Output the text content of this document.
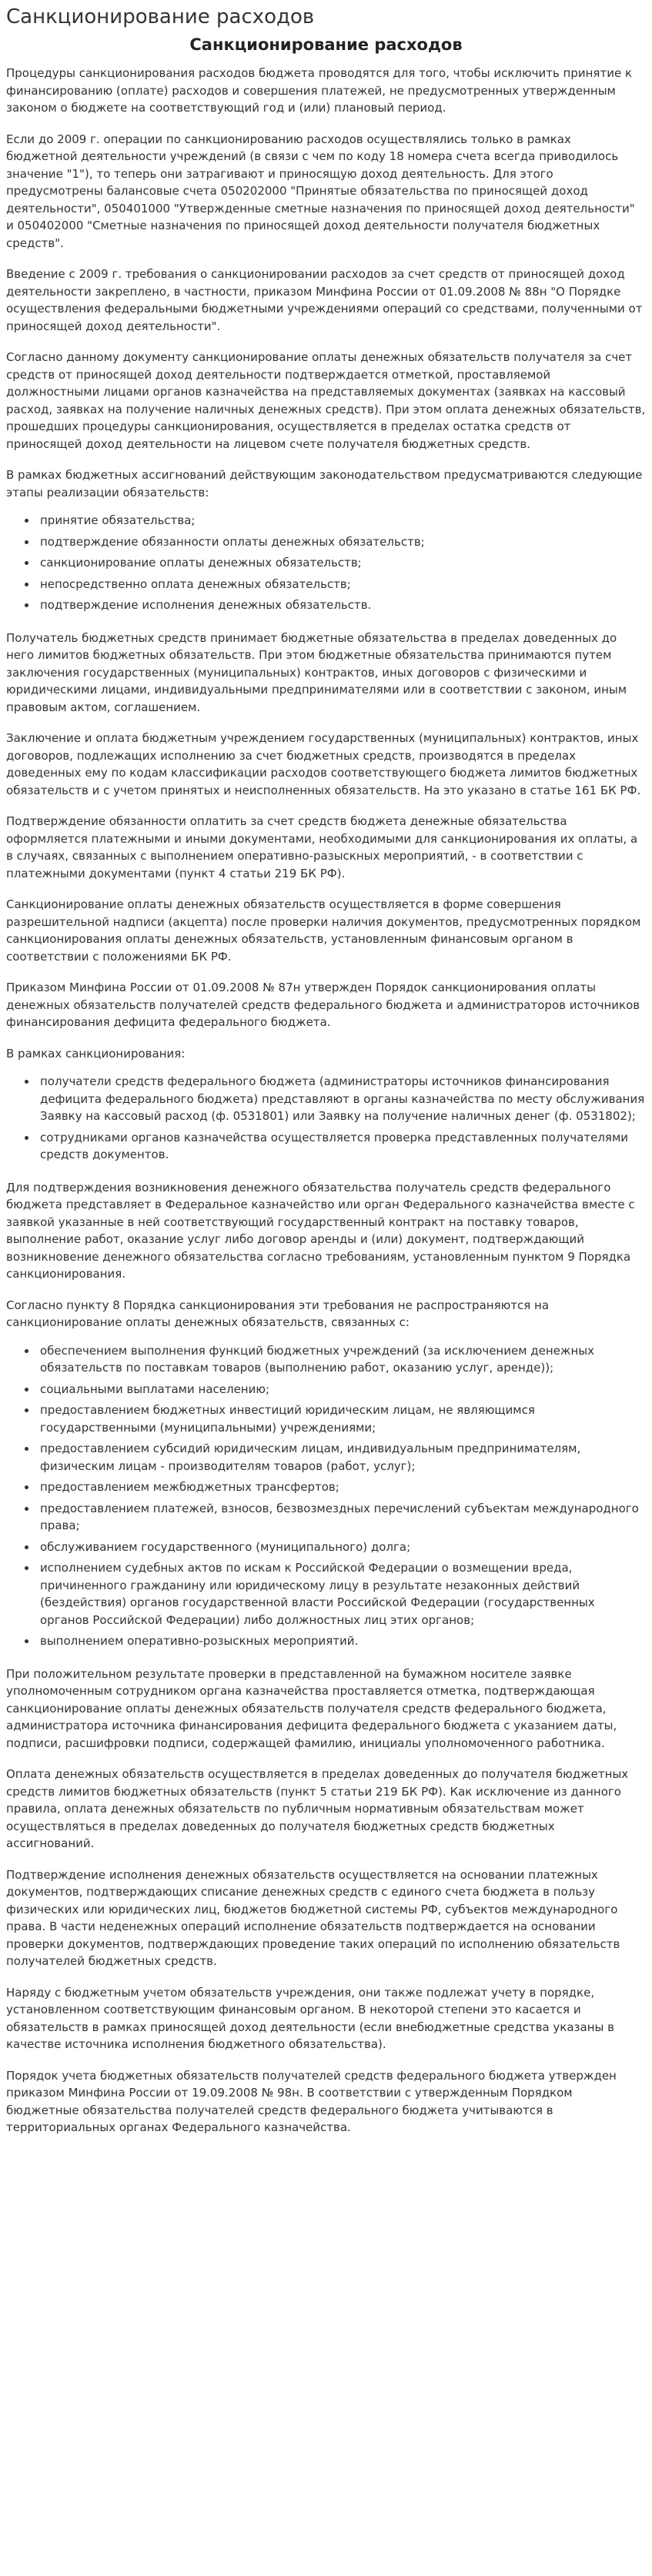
Санкционирование расходов
Санкционирование расходов

Процедуры санкционирования расходов бюджета проводятся для того, чтобы исключить принятие к финансированию (оплате) расходов и совершения платежей, не предусмотренных утвержденным законом о бюджете на соответствующий год и (или) плановый период.

Если до 2009 г. операции по санкционированию расходов осуществлялись только в рамках бюджетной деятельности учреждений (в связи с чем по коду 18 номера счета всегда приводилось значение "1"), то теперь они затрагивают и приносящую доход деятельность. Для этого предусмотрены балансовые счета 050202000 "Принятые обязательства по приносящей доход деятельности", 050401000 "Утвержденные сметные назначения по приносящей доход деятельности" и 050402000 "Сметные назначения по приносящей доход деятельности получателя бюджетных средств".

Введение с 2009 г. требования о санкционировании расходов за счет средств от приносящей доход деятельности закреплено, в частности, приказом Минфина России от 01.09.2008 № 88н "О Порядке осуществления федеральными бюджетными учреждениями операций со средствами, полученными от приносящей доход деятельности".

Согласно данному документу санкционирование оплаты денежных обязательств получателя за счет средств от приносящей доход деятельности подтверждается отметкой, проставляемой должностными лицами органов казначейства на представляемых документах (заявках на кассовый расход, заявках на получение наличных денежных средств). При этом оплата денежных обязательств, прошедших процедуры санкционирования, осуществляется в пределах остатка средств от приносящей доход деятельности на лицевом счете получателя бюджетных средств.

В рамках бюджетных ассигнований действующим законодательством предусматриваются следующие этапы реализации обязательств:

• принятие обязательства;
• подтверждение обязанности оплаты денежных обязательств;
• санкционирование оплаты денежных обязательств;
• непосредственно оплата денежных обязательств;
• подтверждение исполнения денежных обязательств.

Получатель бюджетных средств принимает бюджетные обязательства в пределах доведенных до него лимитов бюджетных обязательств. При этом бюджетные обязательства принимаются путем заключения государственных (муниципальных) контрактов, иных договоров с физическими и юридическими лицами, индивидуальными предпринимателями или в соответствии с законом, иным правовым актом, соглашением.

Заключение и оплата бюджетным учреждением государственных (муниципальных) контрактов, иных договоров, подлежащих исполнению за счет бюджетных средств, производятся в пределах доведенных ему по кодам классификации расходов соответствующего бюджета лимитов бюджетных обязательств и с учетом принятых и неисполненных обязательств. На это указано в статье 161 БК РФ.

Подтверждение обязанности оплатить за счет средств бюджета денежные обязательства оформляется платежными и иными документами, необходимыми для санкционирования их оплаты, а в случаях, связанных с выполнением оперативно-разыскных мероприятий, - в соответствии с платежными документами (пункт 4 статьи 219 БК РФ).

Санкционирование оплаты денежных обязательств осуществляется в форме совершения разрешительной надписи (акцепта) после проверки наличия документов, предусмотренных порядком санкционирования оплаты денежных обязательств, установленным финансовым органом в соответствии с положениями БК РФ.

Приказом Минфина России от 01.09.2008 № 87н утвержден Порядок санкционирования оплаты денежных обязательств получателей средств федерального бюджета и администраторов источников финансирования дефицита федерального бюджета.

В рамках санкционирования:

• получатели средств федерального бюджета (администраторы источников финансирования дефицита федерального бюджета) представляют в органы казначейства по месту обслуживания Заявку на кассовый расход (ф. 0531801) или Заявку на получение наличных денег (ф. 0531802);
• сотрудниками органов казначейства осуществляется проверка представленных получателями средств документов.

Для подтверждения возникновения денежного обязательства получатель средств федерального бюджета представляет в Федеральное казначейство или орган Федерального казначейства вместе с заявкой указанные в ней соответствующий государственный контракт на поставку товаров, выполнение работ, оказание услуг либо договор аренды и (или) документ, подтверждающий возникновение денежного обязательства согласно требованиям, установленным пунктом 9 Порядка санкционирования.

Согласно пункту 8 Порядка санкционирования эти требования не распространяются на санкционирование оплаты денежных обязательств, связанных с:

• обеспечением выполнения функций бюджетных учреждений (за исключением денежных обязательств по поставкам товаров (выполнению работ, оказанию услуг, аренде));
• социальными выплатами населению;
• предоставлением бюджетных инвестиций юридическим лицам, не являющимся государственными (муниципальными) учреждениями;
• предоставлением субсидий юридическим лицам, индивидуальным предпринимателям, физическим лицам - производителям товаров (работ, услуг);
• предоставлением межбюджетных трансфертов;
• предоставлением платежей, взносов, безвозмездных перечислений субъектам международного права;
• обслуживанием государственного (муниципального) долга;
• исполнением судебных актов по искам к Российской Федерации о возмещении вреда, причиненного гражданину или юридическому лицу в результате незаконных действий (бездействия) органов государственной власти Российской Федерации (государственных органов Российской Федерации) либо должностных лиц этих органов;
• выполнением оперативно-розыскных мероприятий.

При положительном результате проверки в представленной на бумажном носителе заявке уполномоченным сотрудником органа казначейства проставляется отметка, подтверждающая санкционирование оплаты денежных обязательств получателя средств федерального бюджета, администратора источника финансирования дефицита федерального бюджета с указанием даты, подписи, расшифровки подписи, содержащей фамилию, инициалы уполномоченного работника.

Оплата денежных обязательств осуществляется в пределах доведенных до получателя бюджетных средств лимитов бюджетных обязательств (пункт 5 статьи 219 БК РФ). Как исключение из данного правила, оплата денежных обязательств по публичным нормативным обязательствам может осуществляться в пределах доведенных до получателя бюджетных средств бюджетных ассигнований.

Подтверждение исполнения денежных обязательств осуществляется на основании платежных документов, подтверждающих списание денежных средств с единого счета бюджета в пользу физических или юридических лиц, бюджетов бюджетной системы РФ, субъектов международного права. В части неденежных операций исполнение обязательств подтверждается на основании проверки документов, подтверждающих проведение таких операций по исполнению обязательств получателей бюджетных средств.

Наряду с бюджетным учетом обязательств учреждения, они также подлежат учету в порядке, установленном соответствующим финансовым органом. В некоторой степени это касается и обязательств в рамках приносящей доход деятельности (если внебюджетные средства указаны в качестве источника исполнения бюджетного обязательства).

Порядок учета бюджетных обязательств получателей средств федерального бюджета утвержден приказом Минфина России от 19.09.2008 № 98н. В соответствии с утвержденным Порядком бюджетные обязательства получателей средств федерального бюджета учитываются в территориальных органах Федерального казначейства.
